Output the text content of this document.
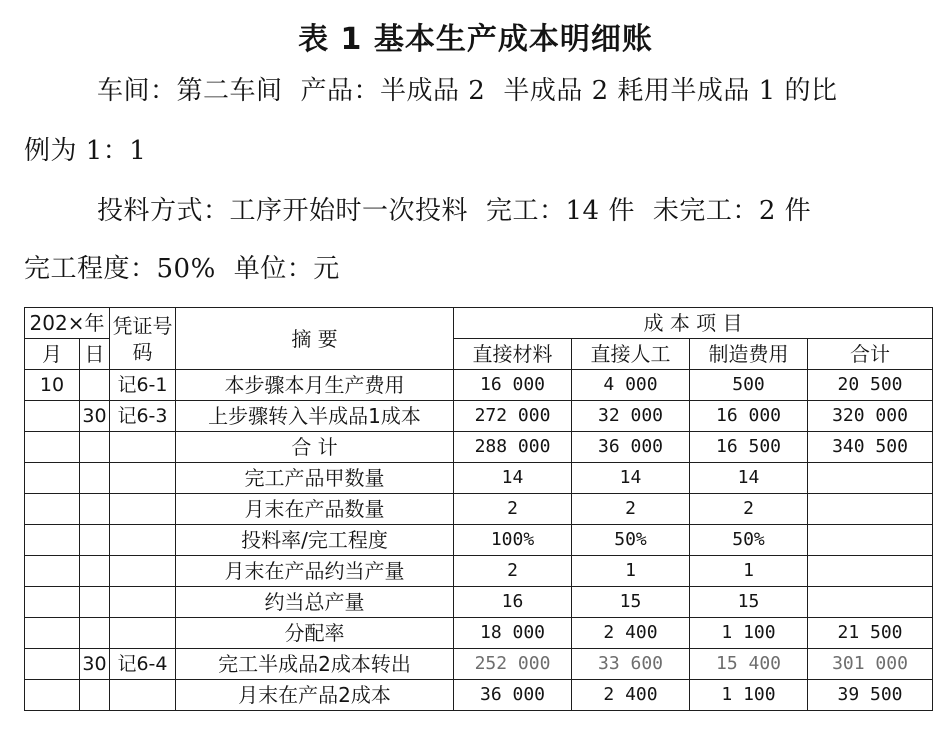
表 1 基本生产成本明细账
车间：第二车间 产品：半成品 2 半成品 2 耗用半成品 1 的比
例为 1：1
投料方式：工序开始时一次投料 完工：14 件 未完工：2 件
完工程度：50% 单位：元
202×年		凭证号码	摘 要	成 本 项 目			
月	日			直接材料	直接人工	制造费用	合计
10		记6-1	本步骤本月生产费用	16 000	4 000	500	20 500
	30	记6-3	上步骤转入半成品1成本	272 000	32 000	16 000	320 000
			合 计	288 000	36 000	16 500	340 500
			完工产品甲数量	14	14	14	
			月末在产品数量	2	2	2	
			投料率/完工程度	100%	50%	50%	
			月末在产品约当产量	2	1	1	
			约当总产量	16	15	15	
			分配率	18 000	2 400	1 100	21 500
	30	记6-4	完工半成品2成本转出	252 000	33 600	15 400	301 000
			月末在产品2成本	36 000	2 400	1 100	39 500
